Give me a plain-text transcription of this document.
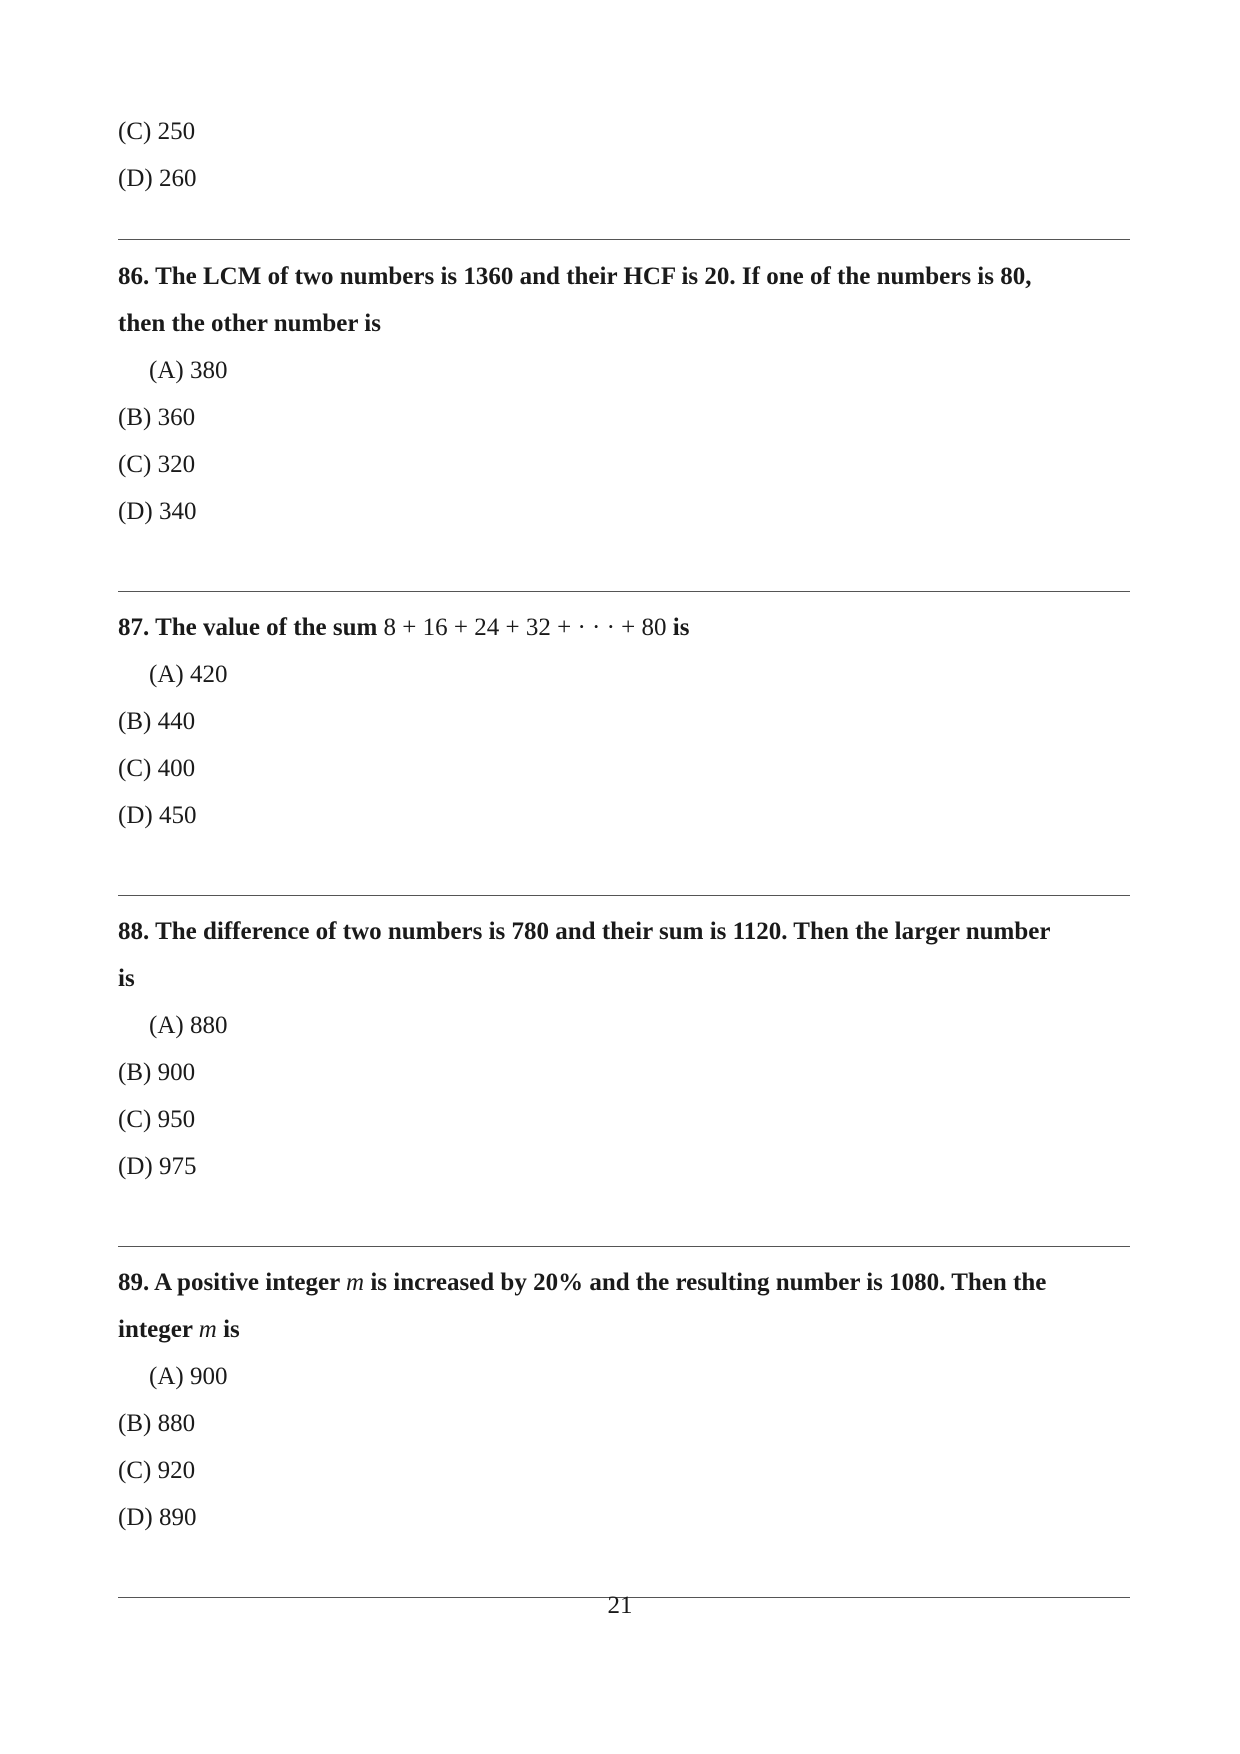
(C) 250
(D) 260
86. The LCM of two numbers is 1360 and their HCF is 20. If one of the numbers is 80,
then the other number is
(A) 380
(B) 360
(C) 320
(D) 340
87. The value of the sum 8 + 16 + 24 + 32 + · · · + 80 is
(A) 420
(B) 440
(C) 400
(D) 450
88. The difference of two numbers is 780 and their sum is 1120. Then the larger number
is
(A) 880
(B) 900
(C) 950
(D) 975
89. A positive integer m is increased by 20% and the resulting number is 1080. Then the
integer m is
(A) 900
(B) 880
(C) 920
(D) 890
21
